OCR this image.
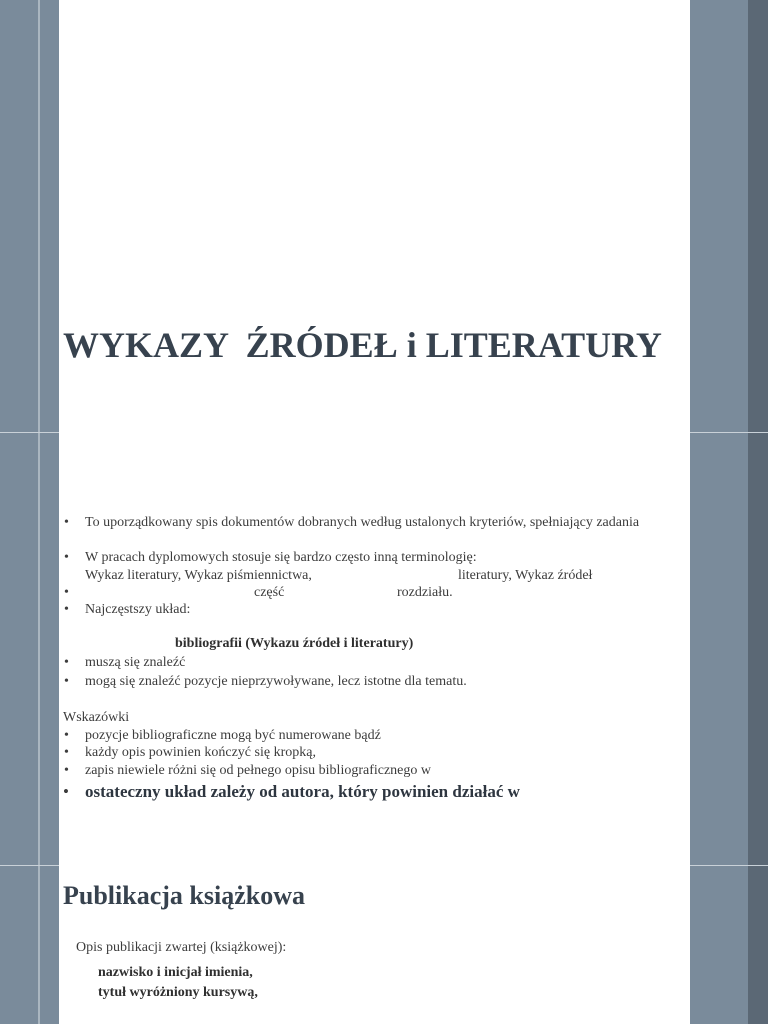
WYKAZY  ŹRÓDEŁ i LITERATURY

•

To uporządkowany spis dokumentów dobranych według ustalonych kryteriów, spełniający zadania

•

W pracach dyplomowych stosuje się bardzo często inną terminologię:

Wykaz literatury, Wykaz piśmiennictwa,

	literatury, Wykaz źródeł

•

część

	rozdziału.

•

Najczęstszy układ:

bibliografii (Wykazu źródeł i literatury)

•

muszą się znaleźć

•

mogą się znaleźć pozycje nieprzywoływane, lecz istotne dla tematu.

Wskazówki

•

pozycje bibliograficzne mogą być numerowane bądź

•

każdy opis powinien kończyć się kropką,

•

zapis niewiele różni się od pełnego opisu bibliograficznego w

•

ostateczny układ zależy od autora, który powinien działać w

Publikacja książkowa

Opis publikacji zwartej (książkowej):

nazwisko i inicjał imienia,

tytuł wyróżniony kursywą,
